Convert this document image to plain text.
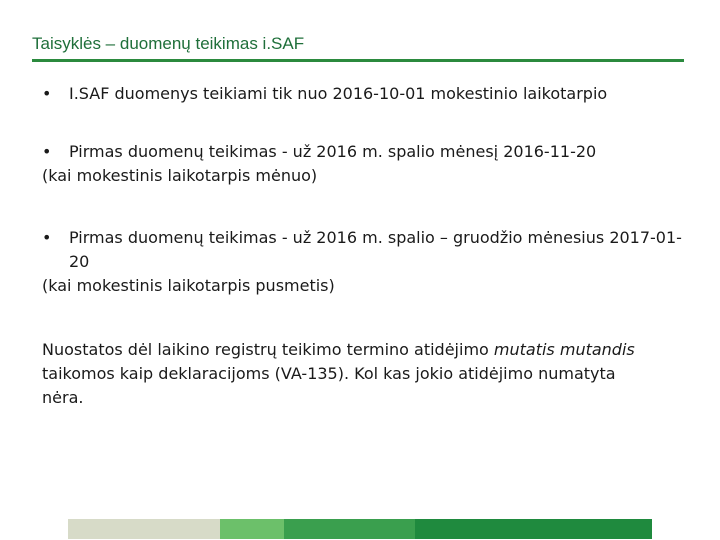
Taisyklės – duomenų teikimas i.SAF
•	I.SAF duomenys teikiami tik nuo 2016-10-01 mokestinio laikotarpio
•	Pirmas duomenų teikimas - už 2016 m. spalio mėnesį 2016-11-20
(kai mokestinis laikotarpis mėnuo)
•	Pirmas duomenų teikimas - už 2016 m. spalio – gruodžio mėnesius 2017-01-20
(kai mokestinis laikotarpis pusmetis)
Nuostatos dėl laikino registrų teikimo termino atidėjimo mutatis mutandis taikomos kaip deklaracijoms (VA-135). Kol kas jokio atidėjimo numatyta nėra.
